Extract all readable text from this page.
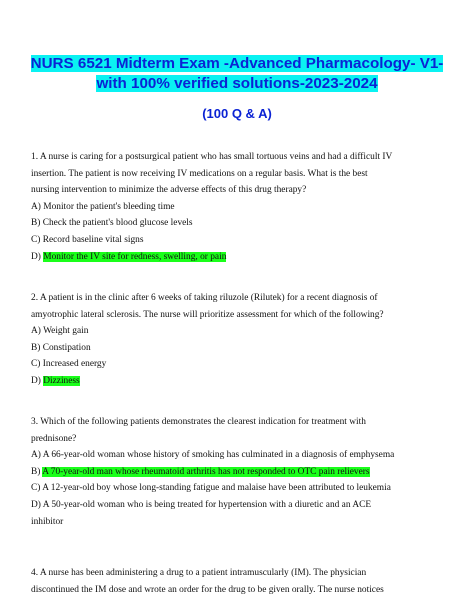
NURS 6521 Midterm Exam -Advanced Pharmacology- V1-
with 100% verified solutions-2023-2024
(100 Q & A)

1. A nurse is caring for a postsurgical patient who has small tortuous veins and had a difficult IV

insertion. The patient is now receiving IV medications on a regular basis. What is the best

nursing intervention to minimize the adverse effects of this drug therapy?

A) Monitor the patient's bleeding time

B) Check the patient's blood glucose levels

C) Record baseline vital signs

D) Monitor the IV site for redness, swelling, or pain

2. A patient is in the clinic after 6 weeks of taking riluzole (Rilutek) for a recent diagnosis of

amyotrophic lateral sclerosis. The nurse will prioritize assessment for which of the following?

A) Weight gain

B) Constipation

C) Increased energy

D) Dizziness

3. Which of the following patients demonstrates the clearest indication for treatment with

prednisone?

A) A 66-year-old woman whose history of smoking has culminated in a diagnosis of emphysema

B) A 70-year-old man whose rheumatoid arthritis has not responded to OTC pain relievers

C) A 12-year-old boy whose long-standing fatigue and malaise have been attributed to leukemia

D) A 50-year-old woman who is being treated for hypertension with a diuretic and an ACE

inhibitor

4. A nurse has been administering a drug to a patient intramuscularly (IM). The physician

discontinued the IM dose and wrote an order for the drug to be given orally. The nurse notices
